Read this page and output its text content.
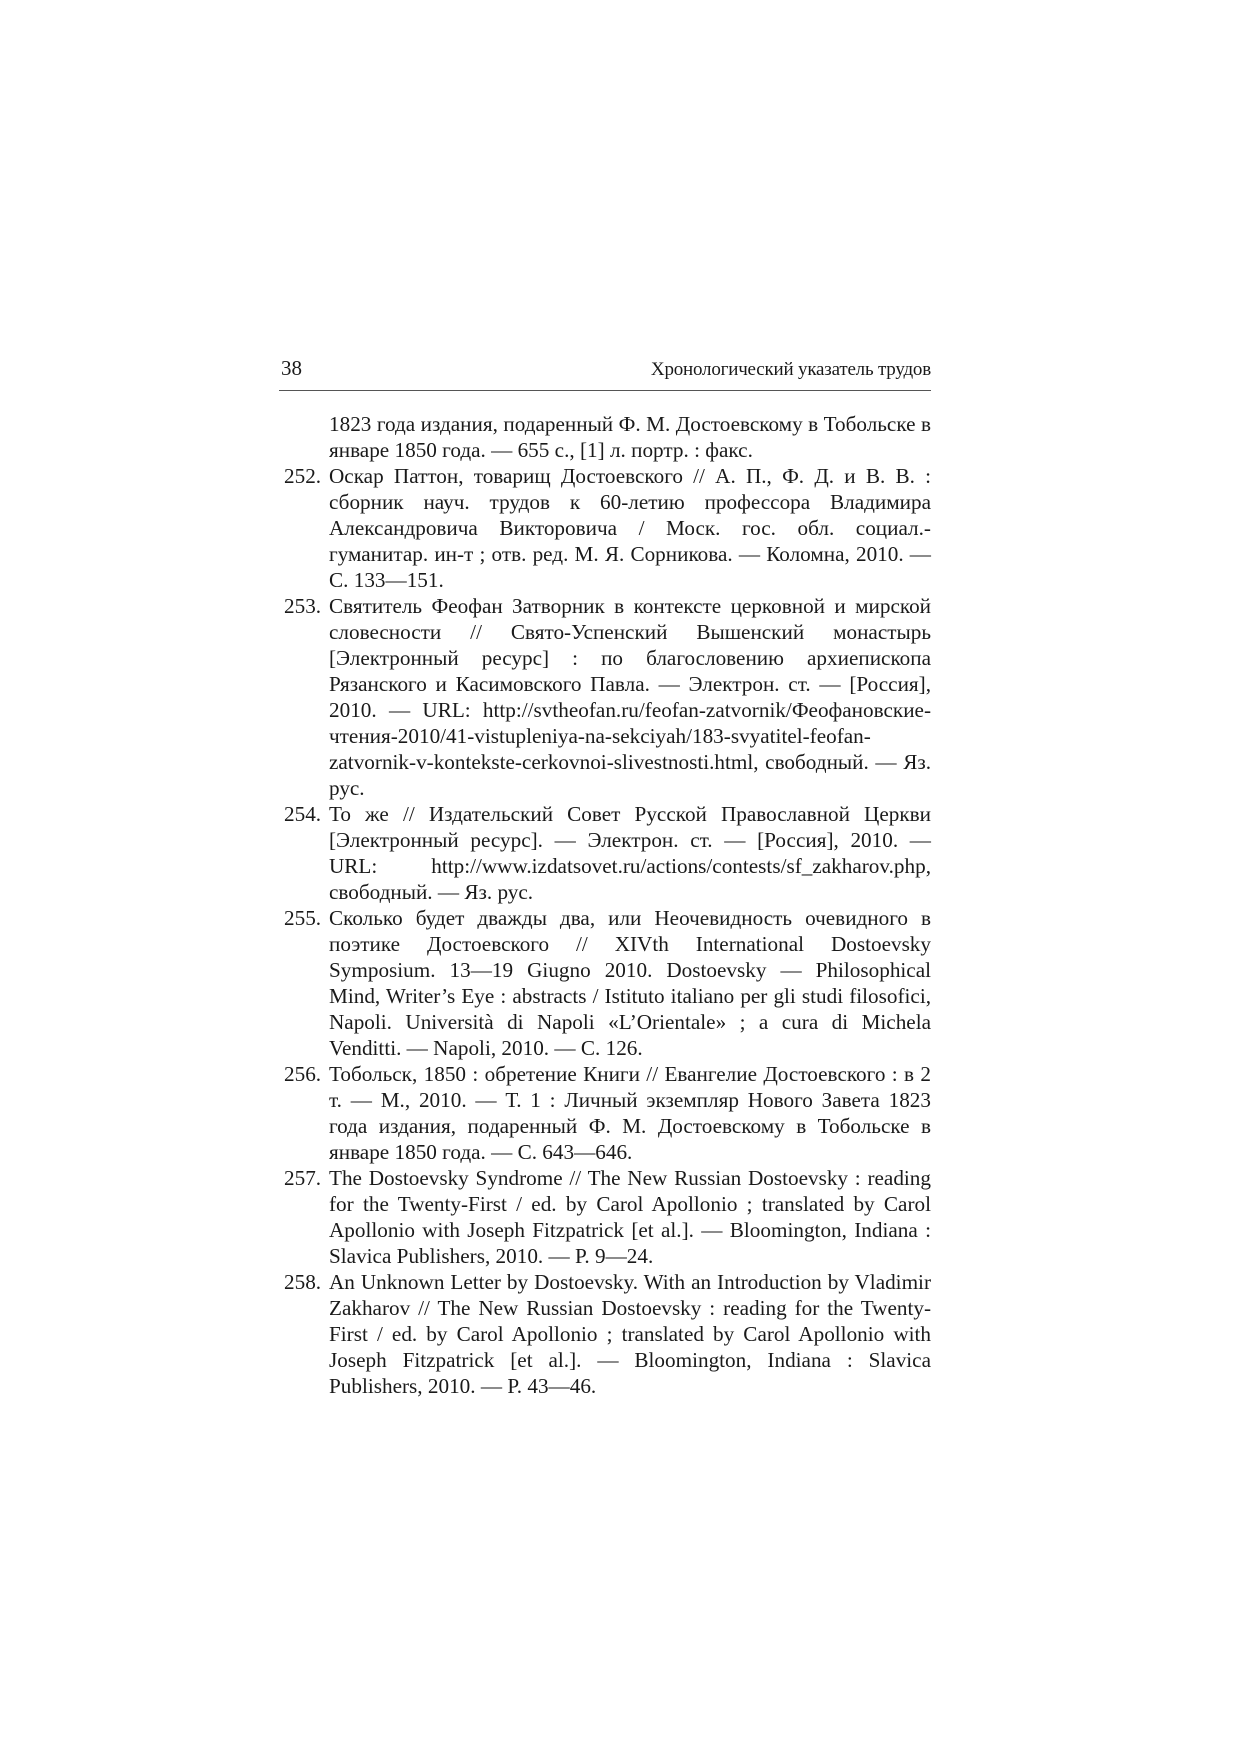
38	Хронологический указатель трудов
1823 года издания, подаренный Ф. М. Достоевскому в Тобольске в январе 1850 года. — 655 с., [1] л. портр. : факс.
252. Оскар Паттон, товарищ Достоевского // А. П., Ф. Д. и В. В. : сборник науч. трудов к 60-летию профессора Владимира Александровича Викторовича / Моск. гос. обл. социал.-гуманитар. ин-т ; отв. ред. М. Я. Сорникова. — Коломна, 2010. — С. 133—151.
253. Святитель Феофан Затворник в контексте церковной и мирской словесности // Свято-Успенский Вышенский монастырь [Электронный ресурс] : по благословению архиепископа Рязанского и Касимовского Павла. — Электрон. ст. — [Россия], 2010. — URL: http://svtheofan.ru/feofan-zatvornik/Феофановские-чтения-2010/41-vistupleniya-na-sekciyah/183-svyatitel-feofan-zatvornik-v-kontekste-cerkovnoi-slivestnosti.html, свободный. — Яз. рус.
254. То же // Издательский Совет Русской Православной Церкви [Электронный ресурс]. — Электрон. ст. — [Россия], 2010. — URL: http://www.izdatsovet.ru/actions/contests/sf_zakharov.php, свободный. — Яз. рус.
255. Сколько будет дважды два, или Неочевидность очевидного в поэтике Достоевского // XIVth International Dostoevsky Symposium. 13—19 Giugno 2010. Dostoevsky — Philosophical Mind, Writer’s Eye : abstracts / Istituto italiano per gli studi filosofici, Napoli. Università di Napoli «L’Orientale» ; a cura di Michela Venditti. — Napoli, 2010. — С. 126.
256. Тобольск, 1850 : обретение Книги // Евангелие Достоевского : в 2 т. — М., 2010. — Т. 1 : Личный экземпляр Нового Завета 1823 года издания, подаренный Ф. М. Достоевскому в Тобольске в январе 1850 года. — С. 643—646.
257. The Dostoevsky Syndrome // The New Russian Dostoevsky : reading for the Twenty-First / ed. by Carol Apollonio ; translated by Carol Apollonio with Joseph Fitzpatrick [et al.]. — Bloomington, Indiana : Slavica Publishers, 2010. — P. 9—24.
258. An Unknown Letter by Dostoevsky. With an Introduction by Vladimir Zakharov // The New Russian Dostoevsky : reading for the Twenty-First / ed. by Carol Apollonio ; translated by Carol Apollonio with Joseph Fitzpatrick [et al.]. — Bloomington, Indiana : Slavica Publishers, 2010. — P. 43—46.
